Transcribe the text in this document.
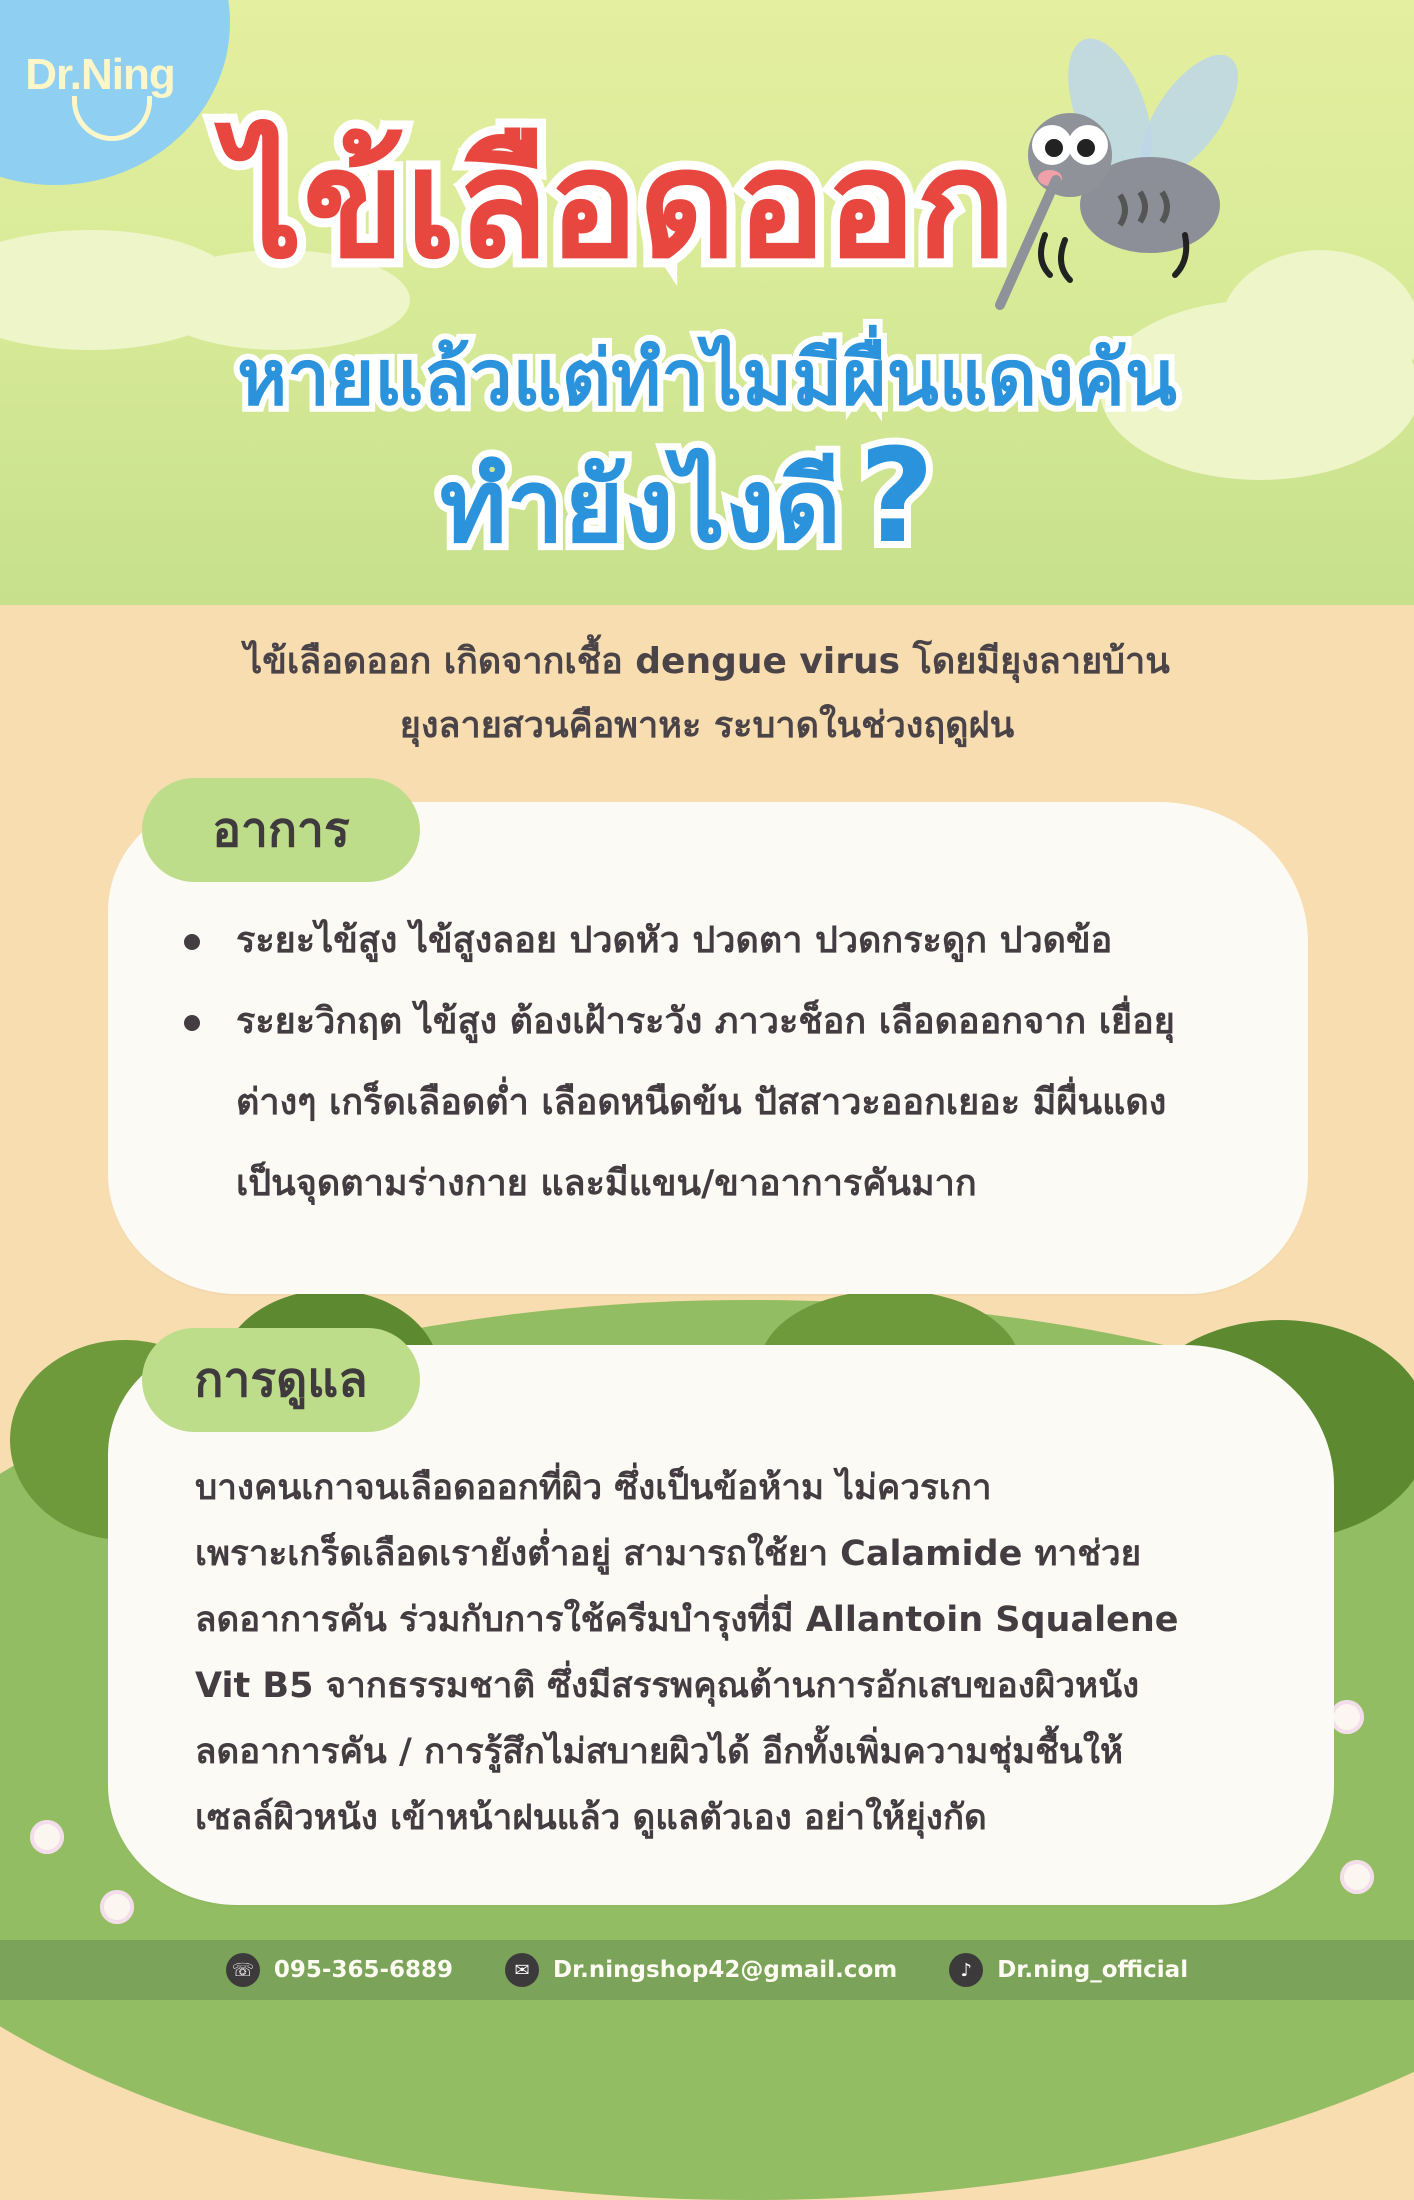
Dr.Ning
ไข้เลือดออก
หายแล้วแต่ทำไมมีผื่นแดงคัน
ทำยังไงดี ?
ไข้เลือดออก เกิดจากเชื้อ dengue virus โดยมียุงลายบ้าน
ยุงลายสวนคือพาหะ ระบาดในช่วงฤดูฝน
อาการ
ระยะไข้สูง ไข้สูงลอย ปวดหัว ปวดตา ปวดกระดูก ปวดข้อ
ระยะวิกฤต ไข้สูง ต้องเฝ้าระวัง ภาวะช็อก เลือดออกจาก เยื่อยุต่างๆ เกร็ดเลือดต่ำ เลือดหนืดข้น ปัสสาวะออกเยอะ มีผื่นแดง เป็นจุดตามร่างกาย และมีแขน/ขาอาการคันมาก
การดูแล
บางคนเกาจนเลือดออกที่ผิว ซึ่งเป็นข้อห้าม ไม่ควรเกา
เพราะเกร็ดเลือดเรายังต่ำอยู่ สามารถใช้ยา Calamide ทาช่วย
ลดอาการคัน ร่วมกับการใช้ครีมบำรุงที่มี Allantoin Squalene
Vit B5 จากธรรมชาติ ซึ่งมีสรรพคุณต้านการอักเสบของผิวหนัง
ลดอาการคัน / การรู้สึกไม่สบายผิวได้ อีกทั้งเพิ่มความชุ่มชื้นให้
เซลล์ผิวหนัง เข้าหน้าฝนแล้ว ดูแลตัวเอง อย่าให้ยุ่งกัด
☏ 095-365-6889	✉	Dr.ningshop42@gmail.com	♪	Dr.ning_official
